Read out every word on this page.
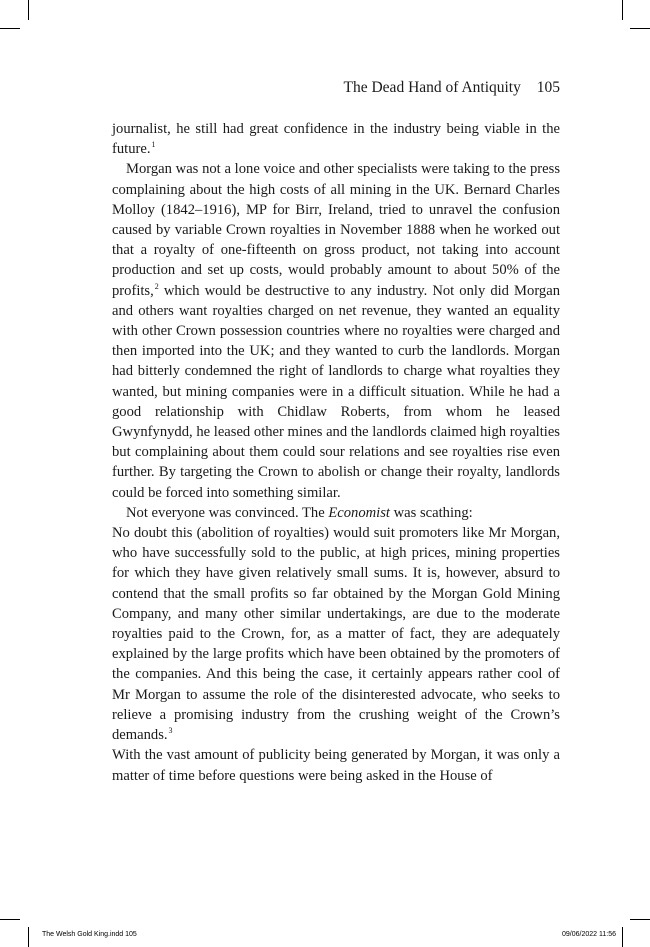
The Dead Hand of Antiquity 105

journalist, he still had great confidence in the industry being viable in the future.$^1$

Morgan was not a lone voice and other specialists were taking to the press complaining about the high costs of all mining in the UK. Bernard Charles Molloy (1842–1916), MP for Birr, Ireland, tried to unravel the confusion caused by variable Crown royalties in November 1888 when he worked out that a royalty of one-fifteenth on gross product, not taking into account production and set up costs, would probably amount to about 50% of the profits,$^2$ which would be destructive to any industry. Not only did Morgan and others want royalties charged on net revenue, they wanted an equality with other Crown possession countries where no royalties were charged and then imported into the UK; and they wanted to curb the landlords. Morgan had bitterly condemned the right of landlords to charge what royalties they wanted, but mining companies were in a difficult situation. While he had a good relationship with Chidlaw Roberts, from whom he leased Gwynfynydd, he leased other mines and the landlords claimed high royalties but complaining about them could sour relations and see royalties rise even further. By targeting the Crown to abolish or change their royalty, landlords could be forced into something similar.

Not everyone was convinced. The Economist was scathing:

No doubt this (abolition of royalties) would suit promoters like Mr Morgan, who have successfully sold to the public, at high prices, mining properties for which they have given relatively small sums. It is, however, absurd to contend that the small profits so far obtained by the Morgan Gold Mining Company, and many other similar undertakings, are due to the moderate royalties paid to the Crown, for, as a matter of fact, they are adequately explained by the large profits which have been obtained by the promoters of the companies. And this being the case, it certainly appears rather cool of Mr Morgan to assume the role of the disinterested advocate, who seeks to relieve a promising industry from the crushing weight of the Crown’s demands.$^3$

With the vast amount of publicity being generated by Morgan, it was only a matter of time before questions were being asked in the House of

The Welsh Gold King.indd 105	09/06/2022 11:56
